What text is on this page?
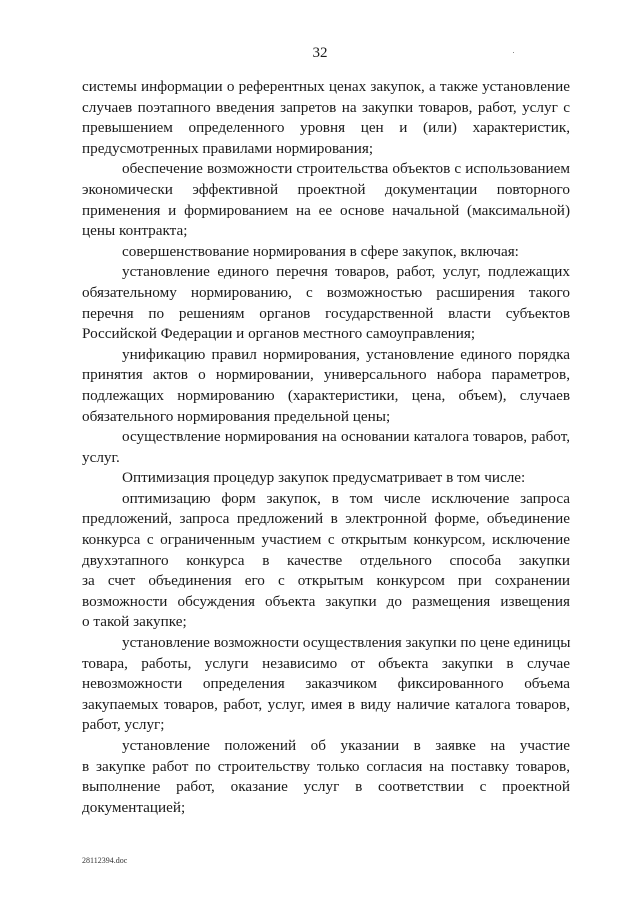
32
системы информации о референтных ценах закупок, а также установление
случаев поэтапного введения запретов на закупки товаров, работ, услуг с
превышением определенного уровня цен и (или) характеристик,
предусмотренных правилами нормирования;
обеспечение возможности строительства объектов с использованием
экономически эффективной проектной документации повторного
применения и формированием на ее основе начальной (максимальной)
цены контракта;
совершенствование нормирования в сфере закупок, включая:
установление единого перечня товаров, работ, услуг, подлежащих
обязательному нормированию, с возможностью расширения такого
перечня по решениям органов государственной власти субъектов
Российской Федерации и органов местного самоуправления;
унификацию правил нормирования, установление единого порядка
принятия актов о нормировании, универсального набора параметров,
подлежащих нормированию (характеристики, цена, объем), случаев
обязательного нормирования предельной цены;
осуществление нормирования на основании каталога товаров, работ,
услуг.
Оптимизация процедур закупок предусматривает в том числе:
оптимизацию форм закупок, в том числе исключение запроса
предложений, запроса предложений в электронной форме, объединение
конкурса с ограниченным участием с открытым конкурсом, исключение
двухэтапного конкурса в качестве отдельного способа закупки
за счет объединения его с открытым конкурсом при сохранении
возможности обсуждения объекта закупки до размещения извещения
о такой закупке;
установление возможности осуществления закупки по цене единицы
товара, работы, услуги независимо от объекта закупки в случае
невозможности определения заказчиком фиксированного объема
закупаемых товаров, работ, услуг, имея в виду наличие каталога товаров,
работ, услуг;
установление положений об указании в заявке на участие
в закупке работ по строительству только согласия на поставку товаров,
выполнение работ, оказание услуг в соответствии с проектной
документацией;
28112394.doc
